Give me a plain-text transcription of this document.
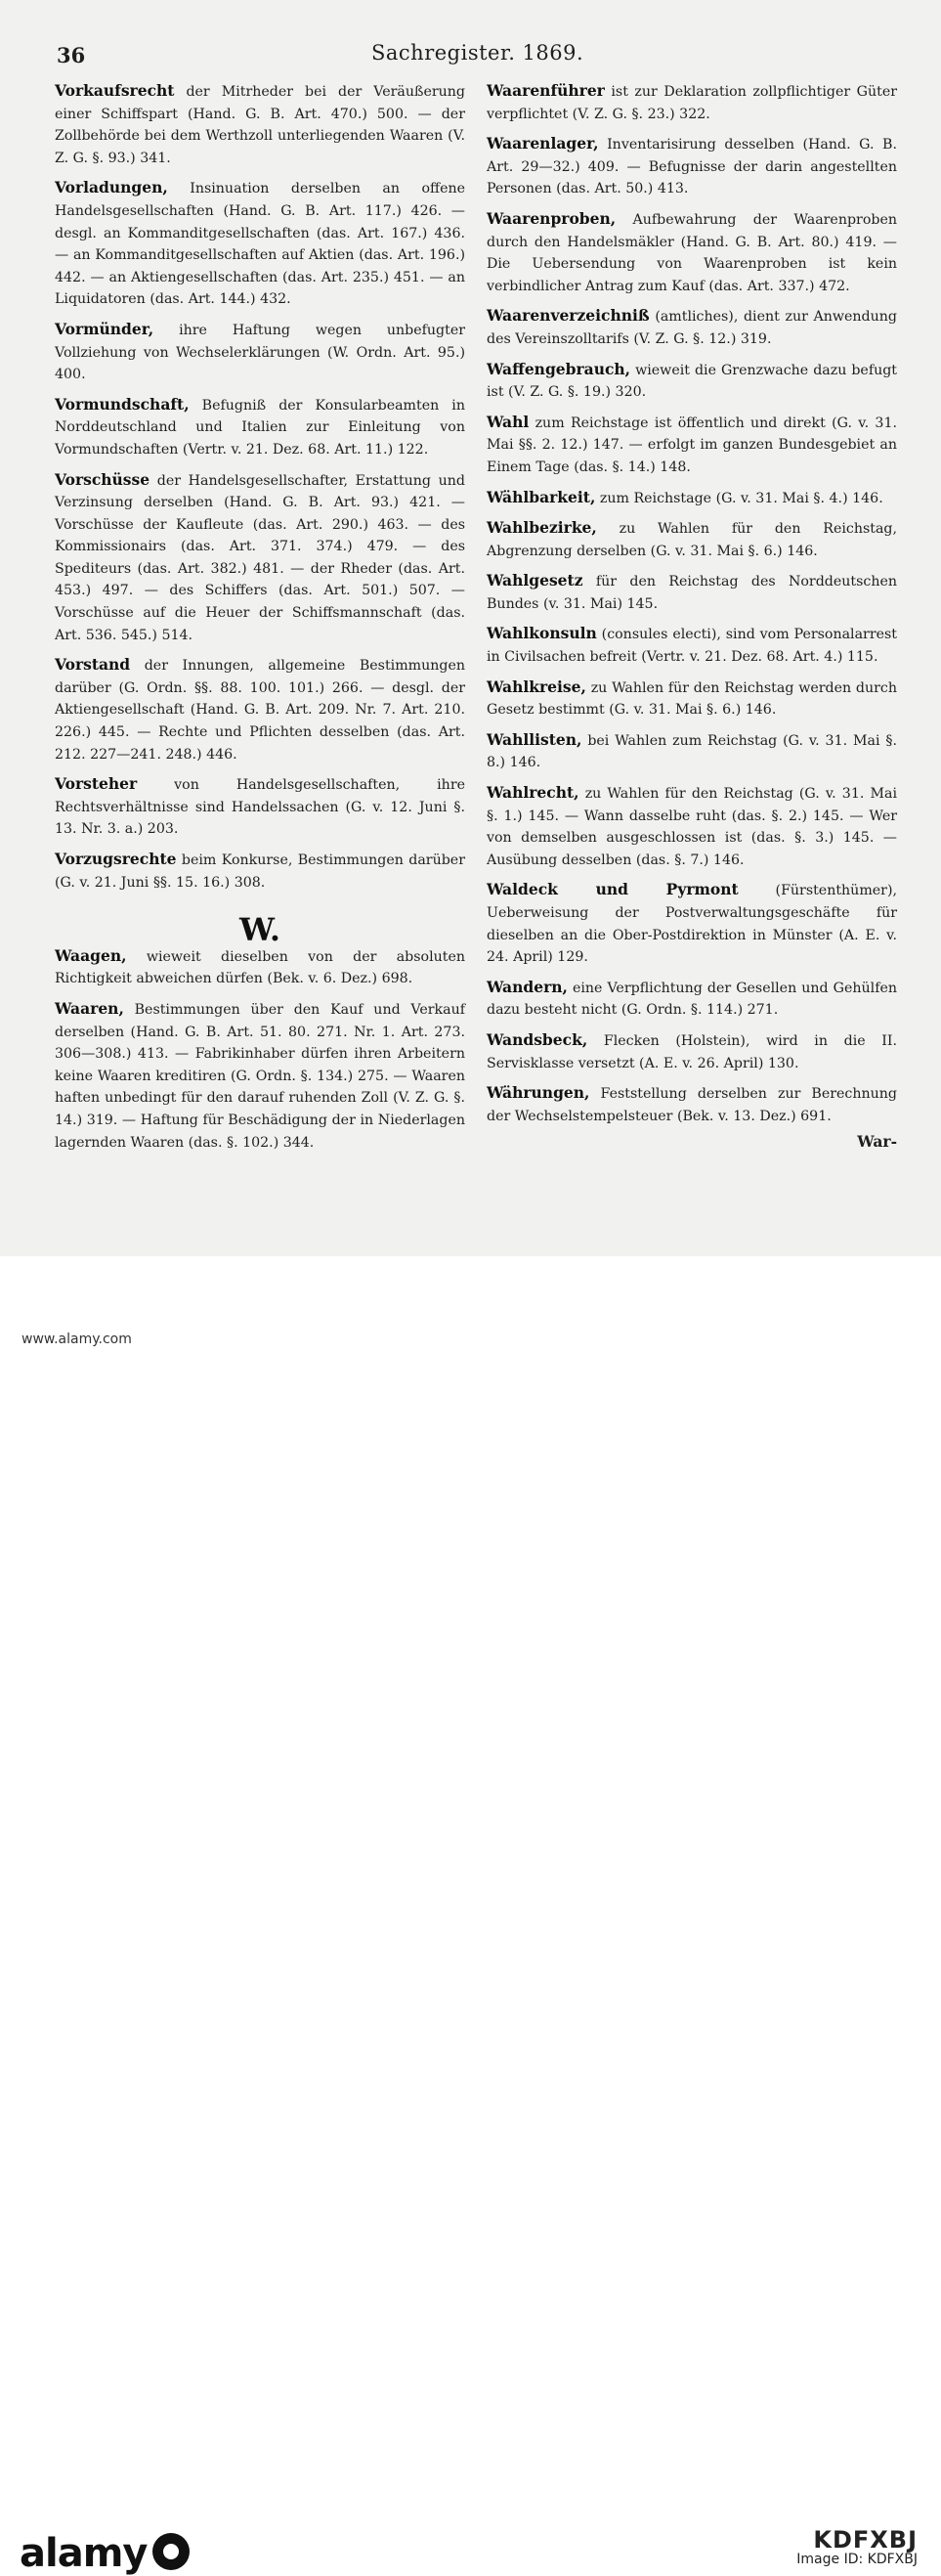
36	Sachregister. 1869.

Vorkaufsrecht der Mitrheder bei der Veräußerung einer Schiffspart (Hand. G. B. Art. 470.) 500. — der Zollbehörde bei dem Werthzoll unterliegenden Waaren (V. Z. G. §. 93.) 341.

Vorladungen, Insinuation derselben an offene Handelsgesellschaften (Hand. G. B. Art. 117.) 426. — desgl. an Kommanditgesellschaften (das. Art. 167.) 436. — an Kommanditgesellschaften auf Aktien (das. Art. 196.) 442. — an Aktiengesellschaften (das. Art. 235.) 451. — an Liquidatoren (das. Art. 144.) 432.

Vormünder, ihre Haftung wegen unbefugter Vollziehung von Wechselerklärungen (W. Ordn. Art. 95.) 400.

Vormundschaft, Befugniß der Konsularbeamten in Norddeutschland und Italien zur Einleitung von Vormundschaften (Vertr. v. 21. Dez. 68. Art. 11.) 122.

Vorschüsse der Handelsgesellschafter, Erstattung und Verzinsung derselben (Hand. G. B. Art. 93.) 421. — Vorschüsse der Kaufleute (das. Art. 290.) 463. — des Kommissionairs (das. Art. 371. 374.) 479. — des Spediteurs (das. Art. 382.) 481. — der Rheder (das. Art. 453.) 497. — des Schiffers (das. Art. 501.) 507. — Vorschüsse auf die Heuer der Schiffsmannschaft (das. Art. 536. 545.) 514.

Vorstand der Innungen, allgemeine Bestimmungen darüber (G. Ordn. §§. 88. 100. 101.) 266. — desgl. der Aktiengesellschaft (Hand. G. B. Art. 209. Nr. 7. Art. 210. 226.) 445. — Rechte und Pflichten desselben (das. Art. 212. 227—241. 248.) 446.

Vorsteher	von Handelsgesellschaften, ihre Rechtsverhältnisse sind Handelssachen (G. v. 12. Juni §. 13. Nr. 3. a.) 203.

Vorzugsrechte beim Konkurse, Bestimmungen darüber (G. v. 21. Juni §§. 15. 16.) 308.

W.

Waagen, wieweit dieselben von der absoluten Richtigkeit abweichen dürfen (Bek. v. 6. Dez.) 698.

Waaren, Bestimmungen über den Kauf und Verkauf derselben (Hand. G. B. Art. 51. 80. 271. Nr. 1. Art. 273. 306—308.) 413. — Fabrikinhaber dürfen ihren Arbeitern keine Waaren kreditiren (G. Ordn. §. 134.) 275. — Waaren haften unbedingt für den darauf ruhenden Zoll (V. Z. G. §. 14.) 319. — Haftung für Beschädigung der in Niederlagen lagernden Waaren (das. §. 102.) 344.

Waarenführer ist zur Deklaration zollpflichtiger Güter verpflichtet (V. Z. G. §. 23.) 322.

Waarenlager, Inventarisirung desselben (Hand. G. B. Art. 29—32.) 409. — Befugnisse der darin angestellten Personen (das. Art. 50.) 413.

Waarenproben, Aufbewahrung der Waarenproben durch den Handelsmäkler (Hand. G. B. Art. 80.) 419. — Die Uebersendung von Waarenproben ist kein verbindlicher Antrag zum Kauf (das. Art. 337.) 472.

Waarenverzeichniß (amtliches), dient zur Anwendung des Vereinszolltarifs (V. Z. G. §. 12.) 319.

Waffengebrauch, wieweit die Grenzwache dazu befugt ist (V. Z. G. §. 19.) 320.

Wahl zum Reichstage ist öffentlich und direkt (G. v. 31. Mai §§. 2. 12.) 147. — erfolgt im ganzen Bundesgebiet an Einem Tage (das. §. 14.) 148.

Wählbarkeit, zum Reichstage (G. v. 31. Mai §. 4.) 146.

Wahlbezirke, zu Wahlen für den Reichstag, Abgrenzung derselben (G. v. 31. Mai §. 6.) 146.

Wahlgesetz für den Reichstag des Norddeutschen Bundes (v. 31. Mai) 145.

Wahlkonsuln (consules electi), sind vom Personalarrest in Civilsachen befreit (Vertr. v. 21. Dez. 68. Art. 4.) 115.

Wahlkreise, zu Wahlen für den Reichstag werden durch Gesetz bestimmt (G. v. 31. Mai §. 6.) 146.

Wahllisten, bei Wahlen zum Reichstag (G. v. 31. Mai §. 8.) 146.

Wahlrecht, zu Wahlen für den Reichstag (G. v. 31. Mai §. 1.) 145. — Wann dasselbe ruht (das. §. 2.) 145. — Wer von demselben ausgeschlossen ist (das. §. 3.) 145. — Ausübung desselben (das. §. 7.) 146.

Waldeck und Pyrmont	(Fürstenthümer), Ueberweisung der Postverwaltungsgeschäfte für dieselben an die Ober-Postdirektion in Münster (A. E. v. 24. April) 129.

Wandern, eine Verpflichtung der Gesellen und Gehülfen dazu besteht nicht (G. Ordn. §. 114.) 271.

Wandsbeck, Flecken (Holstein), wird in die II. Servisklasse versetzt (A. E. v. 26. April) 130.

Währungen, Feststellung derselben zur Berechnung der Wechselstempelsteuer (Bek. v. 13. Dez.) 691.

War-
alamy	KDFXBJ
Image ID: KDFXBJ
www.alamy.com
